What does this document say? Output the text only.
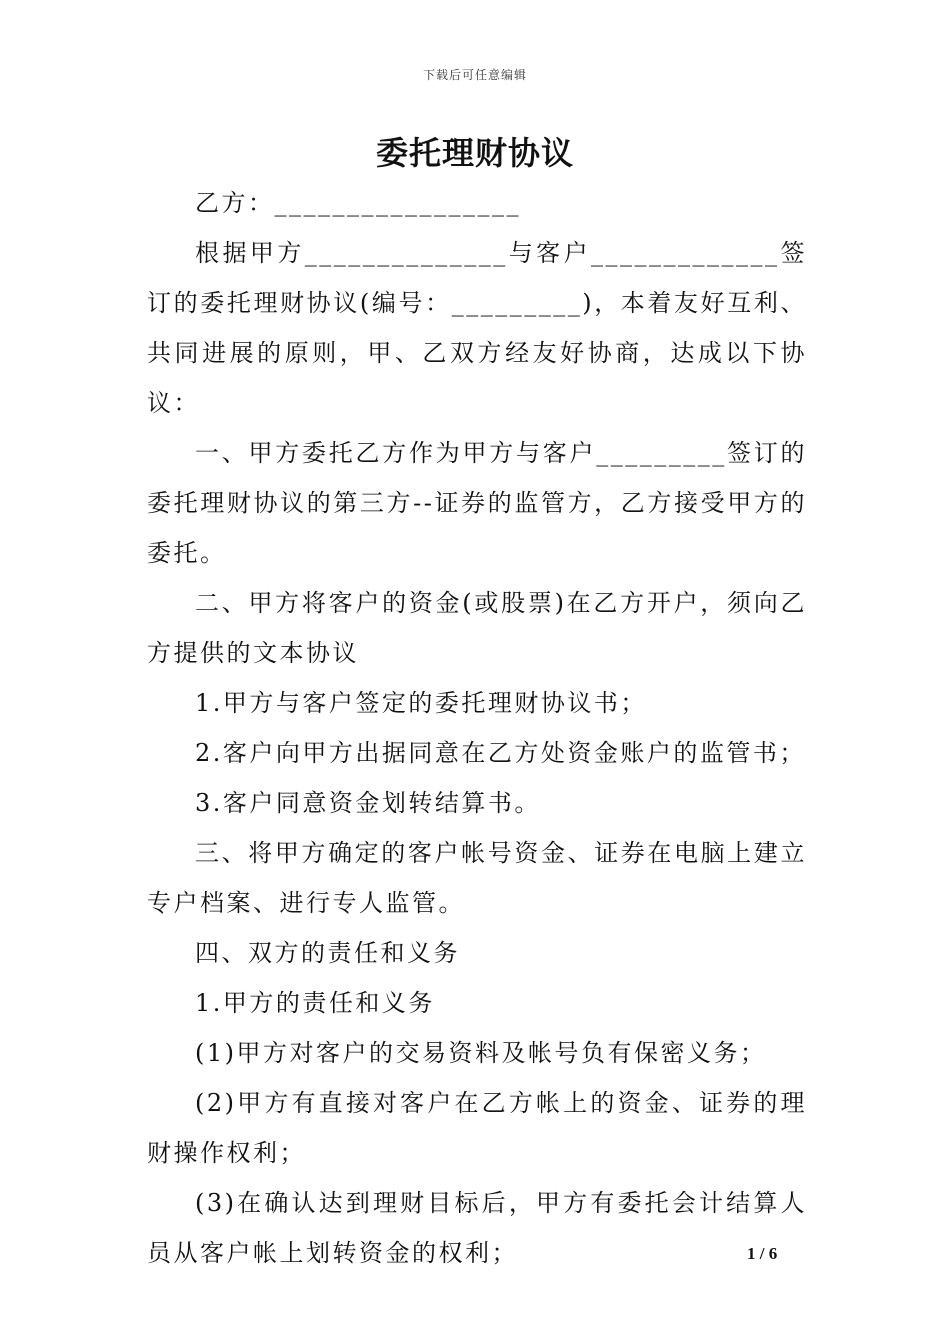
下载后可任意编辑
委托理财协议

乙方：_________________

根据甲方______________与客户_____________签订的委托理财协议(编号：_________)，本着友好互利、共同进展的原则，甲、乙双方经友好协商，达成以下协议：

一、甲方委托乙方作为甲方与客户_________签订的委托理财协议的第三方--证券的监管方，乙方接受甲方的委托。

二、甲方将客户的资金(或股票)在乙方开户，须向乙方提供的文本协议

1.甲方与客户签定的委托理财协议书；

2.客户向甲方出据同意在乙方处资金账户的监管书；

3.客户同意资金划转结算书。

三、将甲方确定的客户帐号资金、证券在电脑上建立专户档案、进行专人监管。

四、双方的责任和义务

1.甲方的责任和义务

(1)甲方对客户的交易资料及帐号负有保密义务；

(2)甲方有直接对客户在乙方帐上的资金、证券的理财操作权利；

(3)在确认达到理财目标后，甲方有委托会计结算人员从客户帐上划转资金的权利；	1 / 6
